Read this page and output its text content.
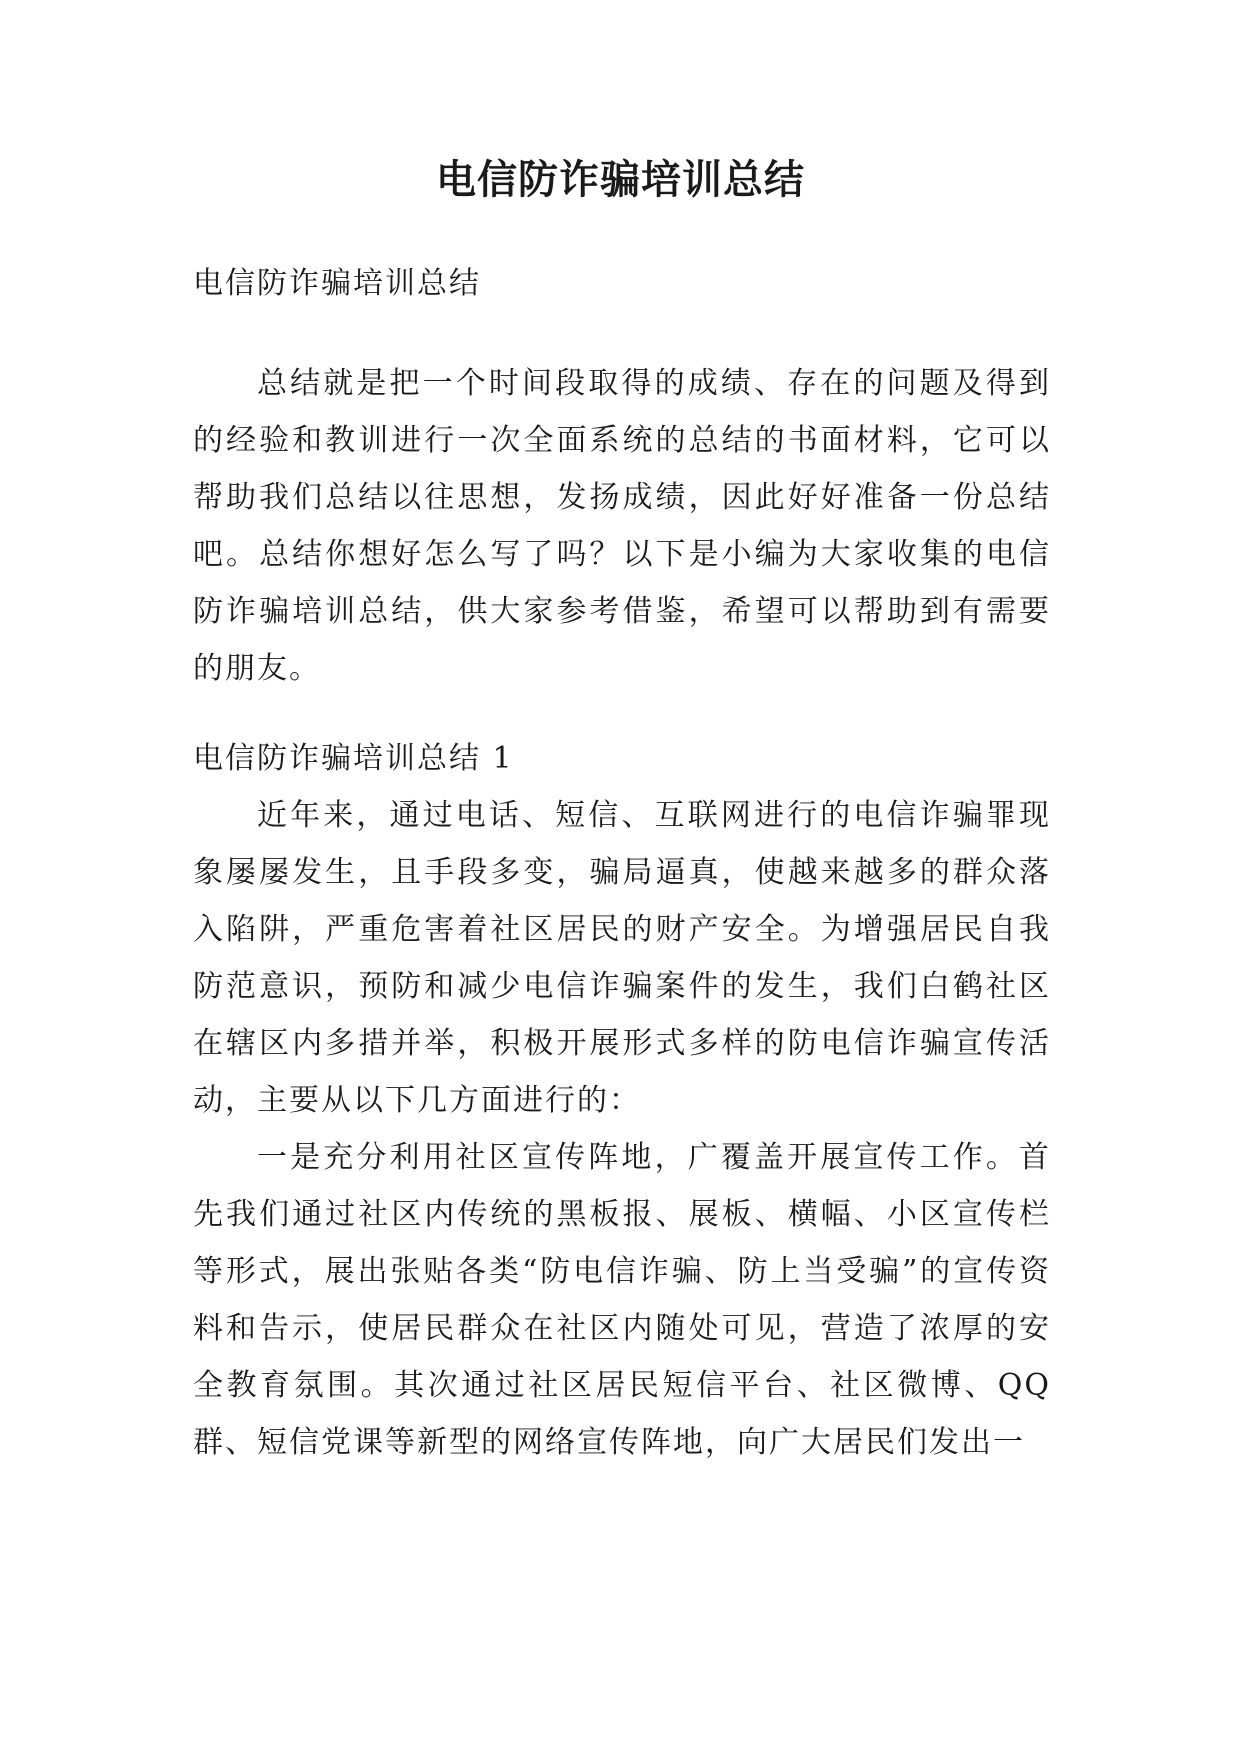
电信防诈骗培训总结

电信防诈骗培训总结

总结就是把一个时间段取得的成绩、存在的问题及得到的经验和教训进行一次全面系统的总结的书面材料，它可以帮助我们总结以往思想，发扬成绩，因此好好准备一份总结吧。总结你想好怎么写了吗？以下是小编为大家收集的电信防诈骗培训总结，供大家参考借鉴，希望可以帮助到有需要的朋友。

电信防诈骗培训总结 1

近年来，通过电话、短信、互联网进行的电信诈骗罪现象屡屡发生，且手段多变，骗局逼真，使越来越多的群众落入陷阱，严重危害着社区居民的财产安全。为增强居民自我防范意识，预防和减少电信诈骗案件的发生，我们白鹤社区在辖区内多措并举，积极开展形式多样的防电信诈骗宣传活动，主要从以下几方面进行的：

一是充分利用社区宣传阵地，广覆盖开展宣传工作。首先我们通过社区内传统的黑板报、展板、横幅、小区宣传栏等形式，展出张贴各类“防电信诈骗、防上当受骗”的宣传资料和告示，使居民群众在社区内随处可见，营造了浓厚的安全教育氛围。其次通过社区居民短信平台、社区微博、QQ群、短信党课等新型的网络宣传阵地，向广大居民们发出一
